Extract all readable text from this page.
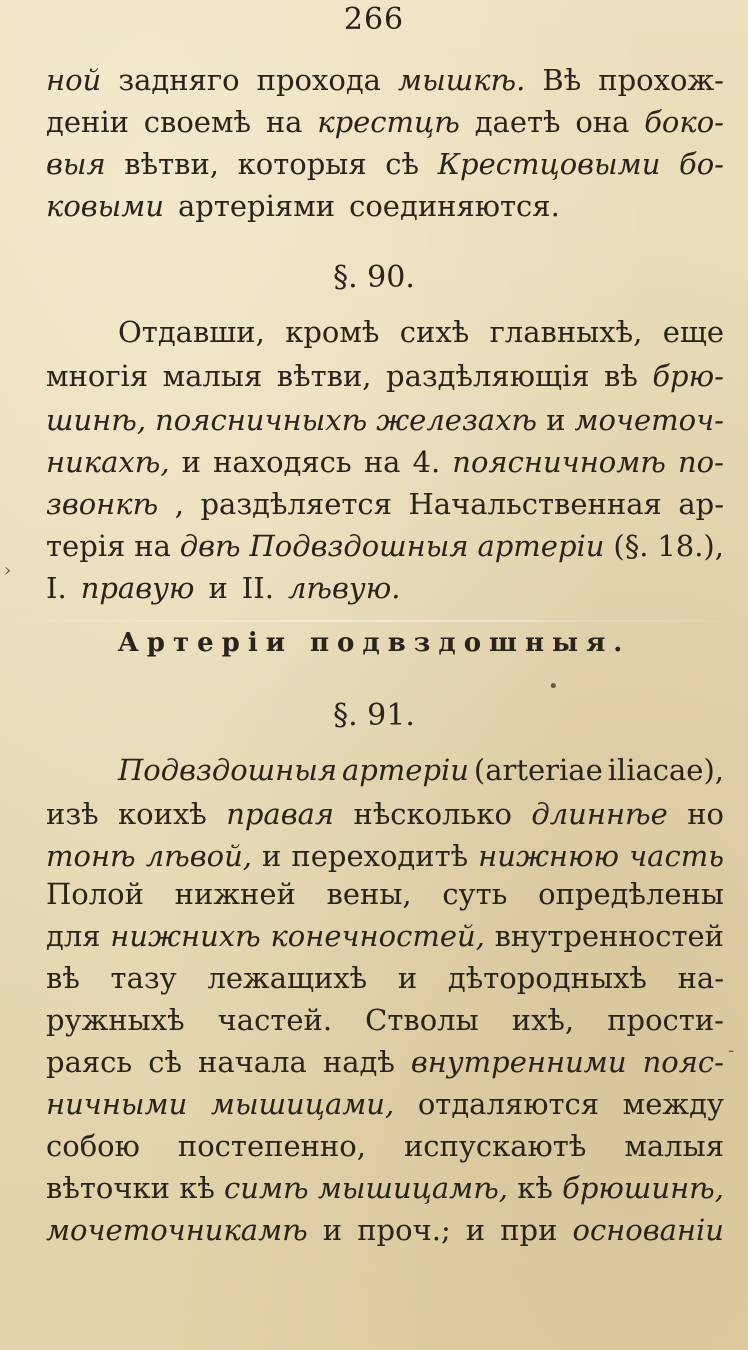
266
ной задняго прохода мышкѣ. Вѣ прохож-
деніи своемѣ на крестцѣ даетѣ она боко-
выя вѣтви, которыя сѣ Крестцовыми бо-
ковыми артеріями соединяются.
§. 90.
Отдавши, кромѣ сихѣ главныхѣ, еще
многія малыя вѣтви, раздѣляющія вѣ брю-
шинѣ, поясничныхѣ железахѣ и мочеточ-
никахѣ, и находясь на 4. поясничномѣ по-
звонкѣ , раздѣляется Начальственная ар-
терія на двѣ Подвздошныя артеріи (§. 18.),
I. правую и II. лѣвую.
Артеріи подвздошныя.
§. 91.
Подвздошныя артеріи (arteriae iliacae),
изѣ коихѣ правая нѣсколько длиннѣе но
тонѣ лѣвой, и переходитѣ нижнюю часть
Полой нижней вены, суть опредѣлены
для нижнихѣ конечностей, внутренностей
вѣ тазу лежащихѣ и дѣтородныхѣ на-
ружныхѣ частей. Стволы ихѣ, прости-
раясь сѣ начала надѣ внутренними пояс-
ничными мышицами, отдаляются между
собою постепенно, испускаютѣ малыя
вѣточки кѣ симѣ мышицамѣ, кѣ брюшинѣ,
мочеточникамѣ и проч.; и при основаніи
›
-
•
